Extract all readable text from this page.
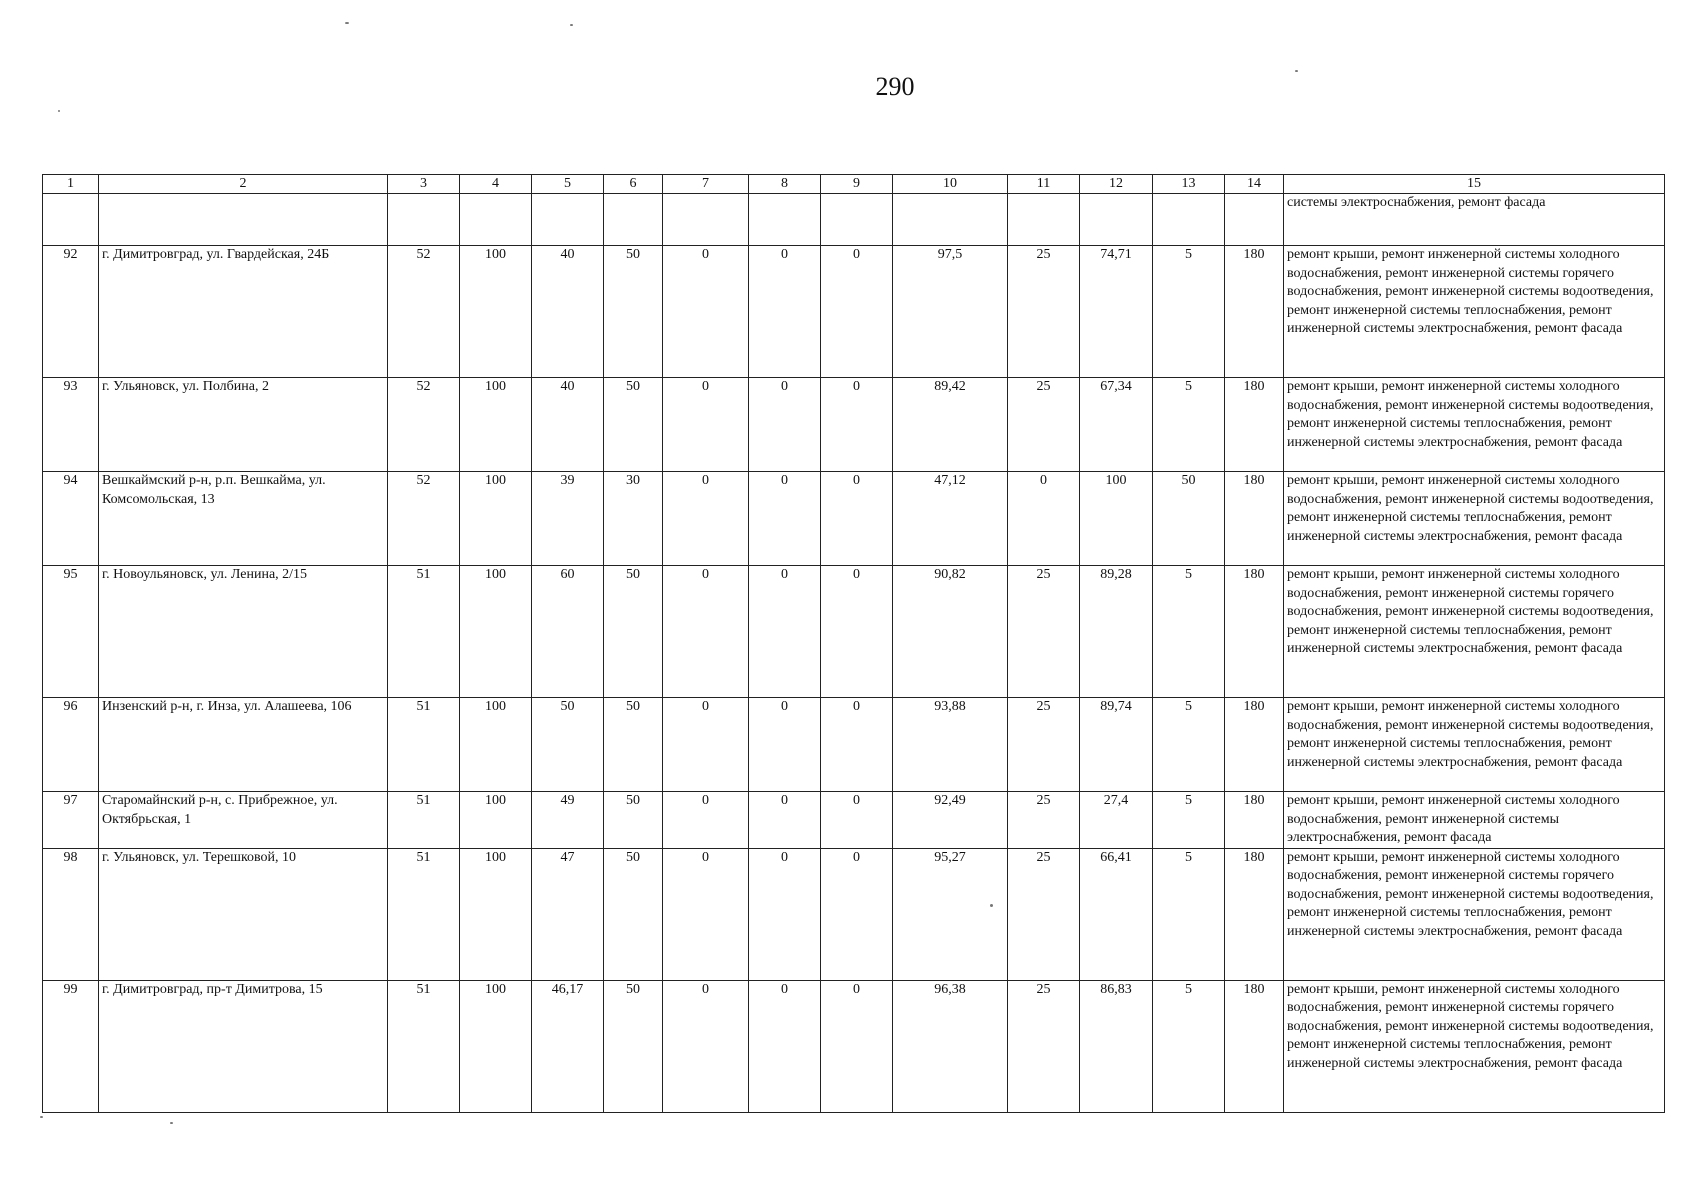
290
1	2	3	4	5	6	7	8	9	10	11	12	13	14	15
														системы электроснабжения, ремонт фасада
92	г. Димитровград, ул. Гвардейская, 24Б	52	100	40	50	0	0	0	97,5	25	74,71	5	180	ремонт крыши, ремонт инженерной системы холодного водоснабжения, ремонт инженерной системы горячего водоснабжения, ремонт инженерной системы водоотведения, ремонт инженерной системы теплоснабжения, ремонт инженерной системы электроснабжения, ремонт фасада
93	г. Ульяновск, ул. Полбина, 2	52	100	40	50	0	0	0	89,42	25	67,34	5	180	ремонт крыши, ремонт инженерной системы холодного водоснабжения, ремонт инженерной системы водоотведения, ремонт инженерной системы теплоснабжения, ремонт инженерной системы электроснабжения, ремонт фасада
94	Вешкаймский р-н, р.п. Вешкайма, ул. Комсомольская, 13	52	100	39	30	0	0	0	47,12	0	100	50	180	ремонт крыши, ремонт инженерной системы холодного водоснабжения, ремонт инженерной системы водоотведения, ремонт инженерной системы теплоснабжения, ремонт инженерной системы электроснабжения, ремонт фасада
95	г. Новоульяновск, ул. Ленина, 2/15	51	100	60	50	0	0	0	90,82	25	89,28	5	180	ремонт крыши, ремонт инженерной системы холодного водоснабжения, ремонт инженерной системы горячего водоснабжения, ремонт инженерной системы водоотведения, ремонт инженерной системы теплоснабжения, ремонт инженерной системы электроснабжения, ремонт фасада
96	Инзенский р-н, г. Инза, ул. Алашеева, 106	51	100	50	50	0	0	0	93,88	25	89,74	5	180	ремонт крыши, ремонт инженерной системы холодного водоснабжения, ремонт инженерной системы водоотведения, ремонт инженерной системы теплоснабжения, ремонт инженерной системы электроснабжения, ремонт фасада
97	Старомайнский р-н, с. Прибрежное, ул. Октябрьская, 1	51	100	49	50	0	0	0	92,49	25	27,4	5	180	ремонт крыши, ремонт инженерной системы холодного водоснабжения, ремонт инженерной системы электроснабжения, ремонт фасада
98	г. Ульяновск, ул. Терешковой, 10	51	100	47	50	0	0	0	95,27	25	66,41	5	180	ремонт крыши, ремонт инженерной системы холодного водоснабжения, ремонт инженерной системы горячего водоснабжения, ремонт инженерной системы водоотведения, ремонт инженерной системы теплоснабжения, ремонт инженерной системы электроснабжения, ремонт фасада
99	г. Димитровград, пр-т Димитрова, 15	51	100	46,17	50	0	0	0	96,38	25	86,83	5	180	ремонт крыши, ремонт инженерной системы холодного водоснабжения, ремонт инженерной системы горячего водоснабжения, ремонт инженерной системы водоотведения, ремонт инженерной системы теплоснабжения, ремонт инженерной системы электроснабжения, ремонт фасада
